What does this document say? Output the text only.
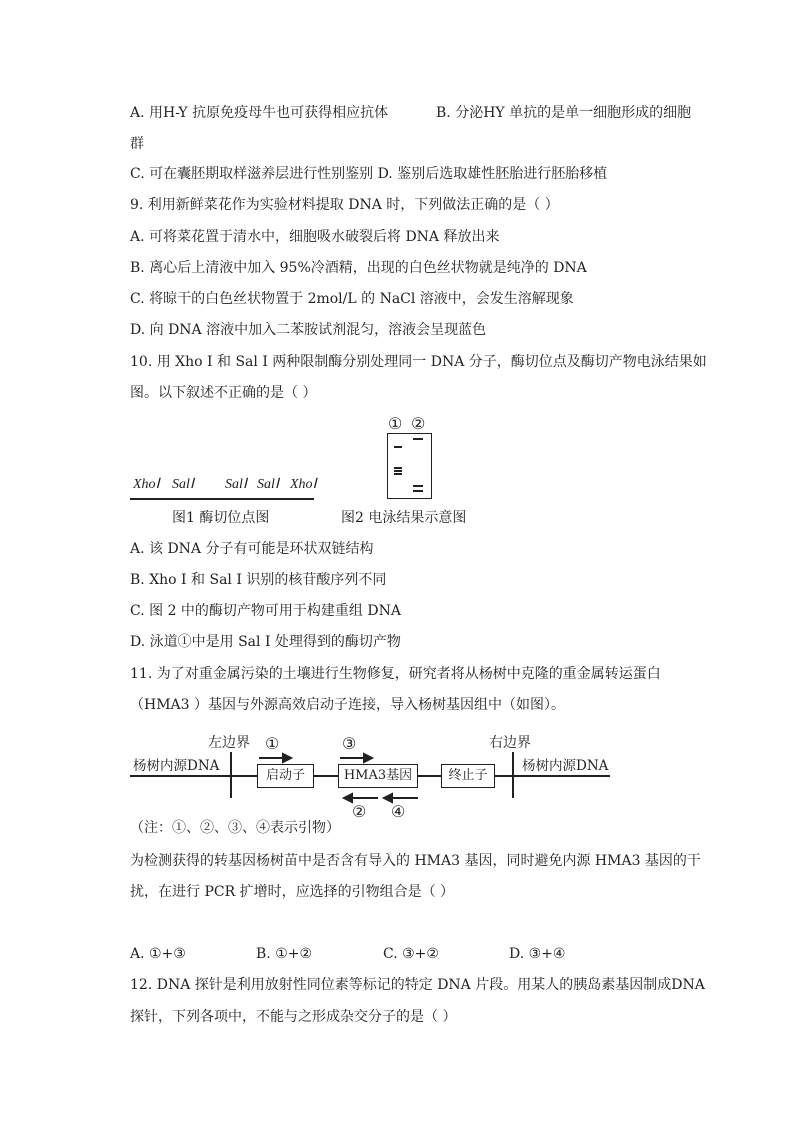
A. 用H-Y 抗原免疫母牛也可获得相应抗体	B. 分泌HY 单抗的是单一细胞形成的细胞
群
C. 可在囊胚期取样滋养层进行性别鉴别 D. 鉴别后选取雄性胚胎进行胚胎移植
9. 利用新鲜菜花作为实验材料提取 DNA 时，下列做法正确的是（ ）
A. 可将菜花置于清水中，细胞吸水破裂后将 DNA 释放出来
B. 离心后上清液中加入 95%冷酒精，出现的白色丝状物就是纯净的 DNA
C. 将晾干的白色丝状物置于 2mol/L 的 NaCl 溶液中，会发生溶解现象
D. 向 DNA 溶液中加入二苯胺试剂混匀，溶液会呈现蓝色
10. 用 Xho I 和 Sal I 两种限制酶分别处理同一 DNA 分子，酶切位点及酶切产物电泳结果如
图。以下叙述不正确的是（ ）
XhoⅠ SalⅠ SalⅠ SalⅠ XhoⅠ
图1 酶切位点图
① ②
图2 电泳结果示意图
A. 该 DNA 分子有可能是环状双链结构
B. Xho I 和 Sal I 识别的核苷酸序列不同
C. 图 2 中的酶切产物可用于构建重组 DNA
D. 泳道①中是用 Sal I 处理得到的酶切产物
11. 为了对重金属污染的土壤进行生物修复，研究者将从杨树中克隆的重金属转运蛋白
（HMA3 ）基因与外源高效启动子连接，导入杨树基因组中（如图）。
左边界	右边界
杨树内源DNA	杨树内源DNA
启动子	HMA3基因	终止子
①	③
② ④
（注：①、②、③、④表示引物）
为检测获得的转基因杨树苗中是否含有导入的 HMA3 基因，同时避免内源 HMA3 基因的干
扰，在进行 PCR 扩增时，应选择的引物组合是（ ）
A. ①+③	B. ①+②	C. ③+②	D. ③+④
12. DNA 探针是利用放射性同位素等标记的特定 DNA 片段。用某人的胰岛素基因制成DNA
探针，下列各项中，不能与之形成杂交分子的是（ ）
